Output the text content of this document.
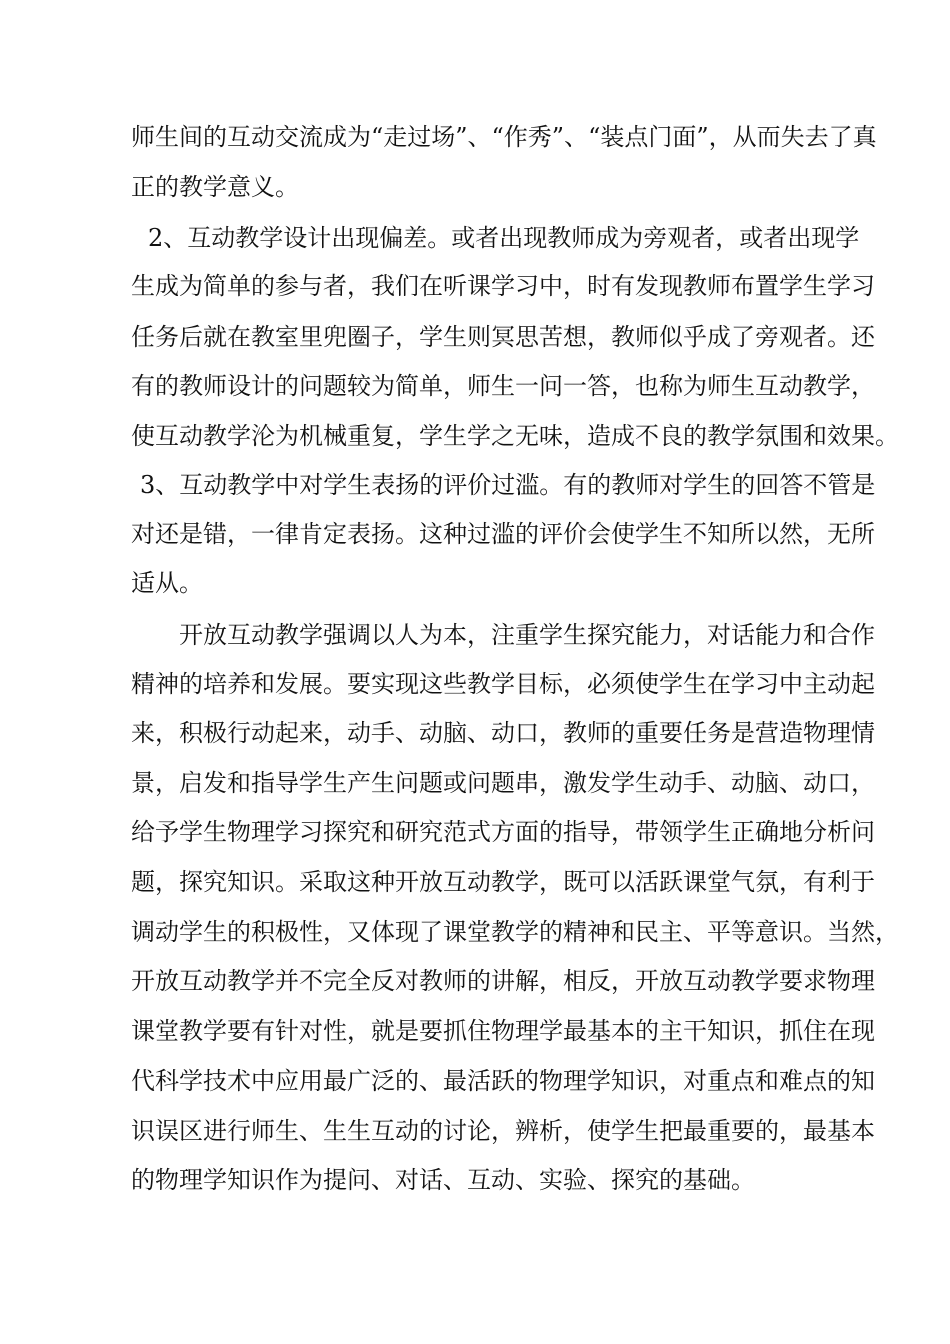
师生间的互动交流成为“走过场”、“作秀”、“装点门面”，从而失去了真
正的教学意义。
2、互动教学设计出现偏差。或者出现教师成为旁观者，或者出现学
生成为简单的参与者，我们在听课学习中，时有发现教师布置学生学习
任务后就在教室里兜圈子，学生则冥思苦想，教师似乎成了旁观者。还
有的教师设计的问题较为简单，师生一问一答，也称为师生互动教学，
使互动教学沦为机械重复，学生学之无味，造成不良的教学氛围和效果。
3、互动教学中对学生表扬的评价过滥。有的教师对学生的回答不管是
对还是错，一律肯定表扬。这种过滥的评价会使学生不知所以然，无所
适从。
开放互动教学强调以人为本，注重学生探究能力，对话能力和合作
精神的培养和发展。要实现这些教学目标，必须使学生在学习中主动起
来，积极行动起来，动手、动脑、动口，教师的重要任务是营造物理情
景，启发和指导学生产生问题或问题串，激发学生动手、动脑、动口，
给予学生物理学习探究和研究范式方面的指导，带领学生正确地分析问
题，探究知识。采取这种开放互动教学，既可以活跃课堂气氛，有利于
调动学生的积极性，又体现了课堂教学的精神和民主、平等意识。当然，
开放互动教学并不完全反对教师的讲解，相反，开放互动教学要求物理
课堂教学要有针对性，就是要抓住物理学最基本的主干知识，抓住在现
代科学技术中应用最广泛的、最活跃的物理学知识，对重点和难点的知
识误区进行师生、生生互动的讨论，辨析，使学生把最重要的，最基本
的物理学知识作为提问、对话、互动、实验、探究的基础。
